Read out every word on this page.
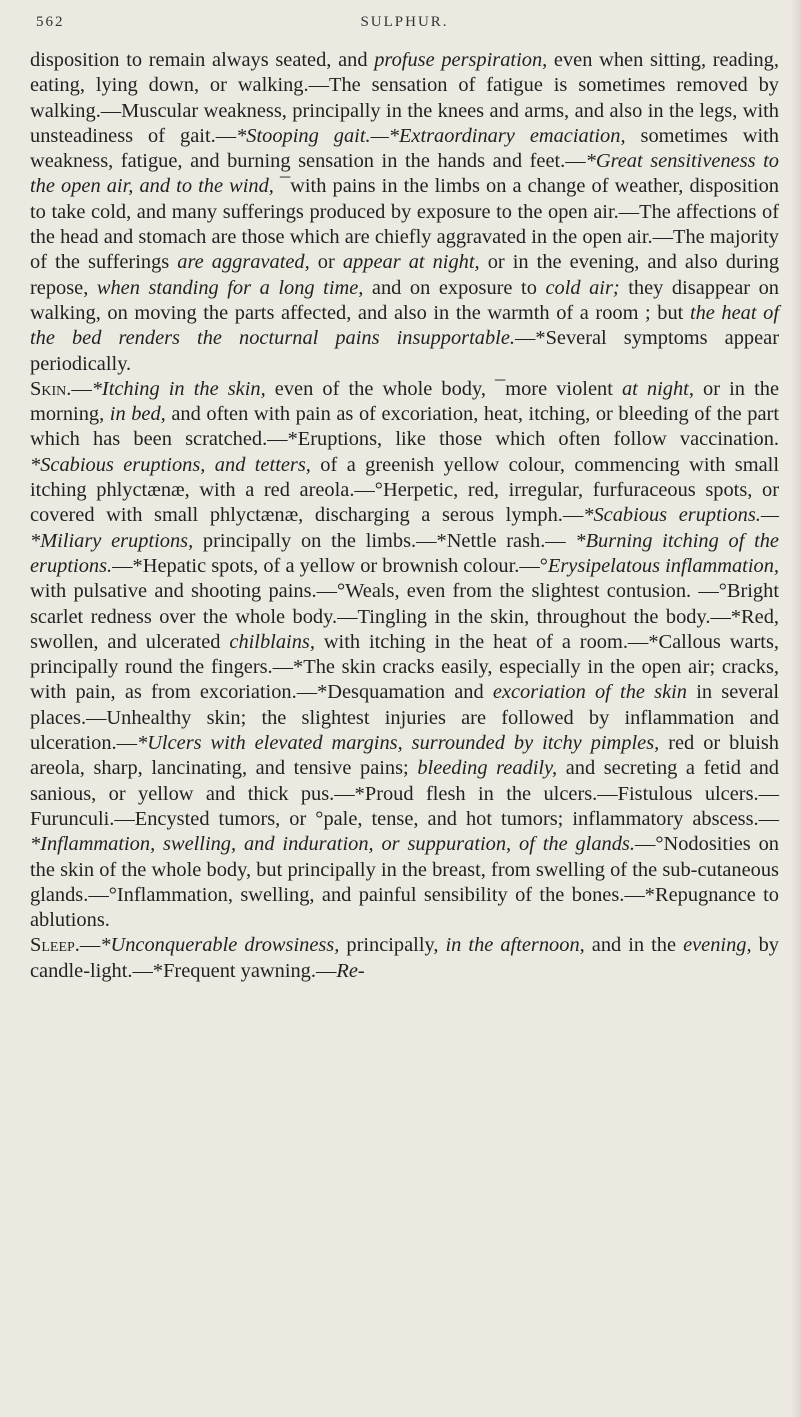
562	SULPHUR.

disposition to remain always seated, and profuse perspiration, even when sitting, reading, eating, lying down, or walking.—The sensation of fatigue is sometimes removed by walking.—Muscular weakness, principally in the knees and arms, and also in the legs, with unsteadiness of gait.—*Stooping gait.—*Extraordinary emaciation, sometimes with weakness, fatigue, and burning sensation in the hands and feet.—*Great sensitiveness to the open air, and to the wind, ¯with pains in the limbs on a change of weather, disposition to take cold, and many sufferings produced by exposure to the open air.—The affections of the head and stomach are those which are chiefly aggravated in the open air.—The majority of the sufferings are aggravated, or appear at night, or in the evening, and also during repose, when standing for a long time, and on exposure to cold air; they disappear on walking, on moving the parts affected, and also in the warmth of a room ; but the heat of the bed renders the nocturnal pains insupportable.—*Several symptoms appear periodically.

Skin.—*Itching in the skin, even of the whole body, ¯more violent at night, or in the morning, in bed, and often with pain as of excoriation, heat, itching, or bleeding of the part which has been scratched.—*Eruptions, like those which often follow vaccination. *Scabious eruptions, and tetters, of a greenish yellow colour, commencing with small itching phlyctænæ, with a red areola.—°Herpetic, red, irregular, furfuraceous spots, or covered with small phlyctænæ, discharging a serous lymph.—*Scabious eruptions.—*Miliary eruptions, principally on the limbs.—*Nettle rash.— *Burning itching of the eruptions.—*Hepatic spots, of a yellow or brownish colour.—°Erysipelatous inflammation, with pulsative and shooting pains.—°Weals, even from the slightest contusion. —°Bright scarlet redness over the whole body.—Tingling in the skin, throughout the body.—*Red, swollen, and ulcerated chilblains, with itching in the heat of a room.—*Callous warts, principally round the fingers.—*The skin cracks easily, especially in the open air; cracks, with pain, as from excoriation.—*Desquamation and excoriation of the skin in several places.—Unhealthy skin; the slightest injuries are followed by inflammation and ulceration.—*Ulcers with elevated margins, surrounded by itchy pimples, red or bluish areola, sharp, lancinating, and tensive pains; bleeding readily, and secreting a fetid and sanious, or yellow and thick pus.—*Proud flesh in the ulcers.—Fistulous ulcers.—Furunculi.—Encysted tumors, or °pale, tense, and hot tumors; inflammatory abscess.—*Inflammation, swelling, and induration, or suppuration, of the glands.—°Nodosities on the skin of the whole body, but principally in the breast, from swelling of the sub-cutaneous glands.—°Inflammation, swelling, and painful sensibility of the bones.—*Repugnance to ablutions.

Sleep.—*Unconquerable drowsiness, principally, in the afternoon, and in the evening, by candle-light.—*Frequent yawning.—Re-
